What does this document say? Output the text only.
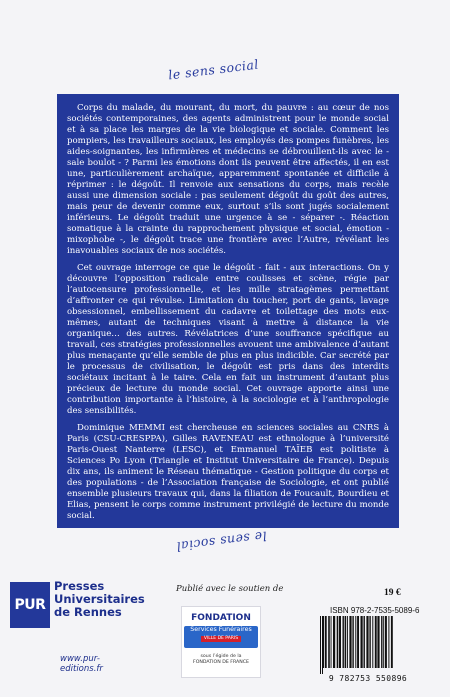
le sens social

Corps du malade, du mourant, du mort, du pauvre : au cœur de nos sociétés contemporaines, des agents administrent pour le monde social et à sa place les marges de la vie biologique et sociale. Comment les pompiers, les travailleurs sociaux, les employés des pompes funèbres, les aides-soignantes, les infirmières et médecins se débrouillent-ils avec le - sale boulot - ? Parmi les émotions dont ils peuvent être affectés, il en est une, particulièrement archaïque, apparemment spontanée et difficile à réprimer : le dégoût. Il renvoie aux sensations du corps, mais recèle aussi une dimension sociale : pas seulement dégoût du goût des autres, mais peur de devenir comme eux, surtout s’ils sont jugés socialement inférieurs. Le dégoût traduit une urgence à se - séparer -. Réaction somatique à la crainte du rapprochement physique et social, émotion - mixophobe -, le dégoût trace une frontière avec l’Autre, révélant les inavouables sociaux de nos sociétés.

Cet ouvrage interroge ce que le dégoût - fait - aux interactions. On y découvre l’opposition radicale entre coulisses et scène, régie par l’autocensure professionnelle, et les mille stratagèmes permettant d’affronter ce qui révulse. Limitation du toucher, port de gants, lavage obsessionnel, embellissement du cadavre et toilettage des mots eux-mêmes, autant de techniques visant à mettre à distance la vie organique… des autres. Révélatrices d’une souffrance spécifique au travail, ces stratégies professionnelles avouent une ambivalence d’autant plus menaçante qu’elle semble de plus en plus indicible. Car secrété par le processus de civilisation, le dégoût est pris dans des interdits sociétaux incitant à le taire. Cela en fait un instrument d’autant plus précieux de lecture du monde social. Cet ouvrage apporte ainsi une contribution importante à l’histoire, à la sociologie et à l’anthropologie des sensibilités.

Dominique MEMMI est chercheuse en sciences sociales au CNRS à Paris (CSU-CRESPPA), Gilles RAVENEAU est ethnologue à l’université Paris-Ouest Nanterre (LESC), et Emmanuel TAÏEB est politiste à Sciences Po Lyon (Triangle et Institut Universitaire de France). Depuis dix ans, ils animent le Réseau thématique - Gestion politique du corps et des populations - de l’Association française de Sociologie, et ont publié ensemble plusieurs travaux qui, dans la filiation de Foucault, Bourdieu et Elias, pensent le corps comme instrument privilégié de lecture du monde social.

le sens social
PUR
Presses
Universitaires
de Rennes
www.pur-editions.fr
Publié avec le soutien de
FONDATION
Services Funéraires
VILLE DE PARIS
sous l’égide de la
FONDATION DE FRANCE
19 €
ISBN 978-2-7535-5089-6
9 782753 550896
